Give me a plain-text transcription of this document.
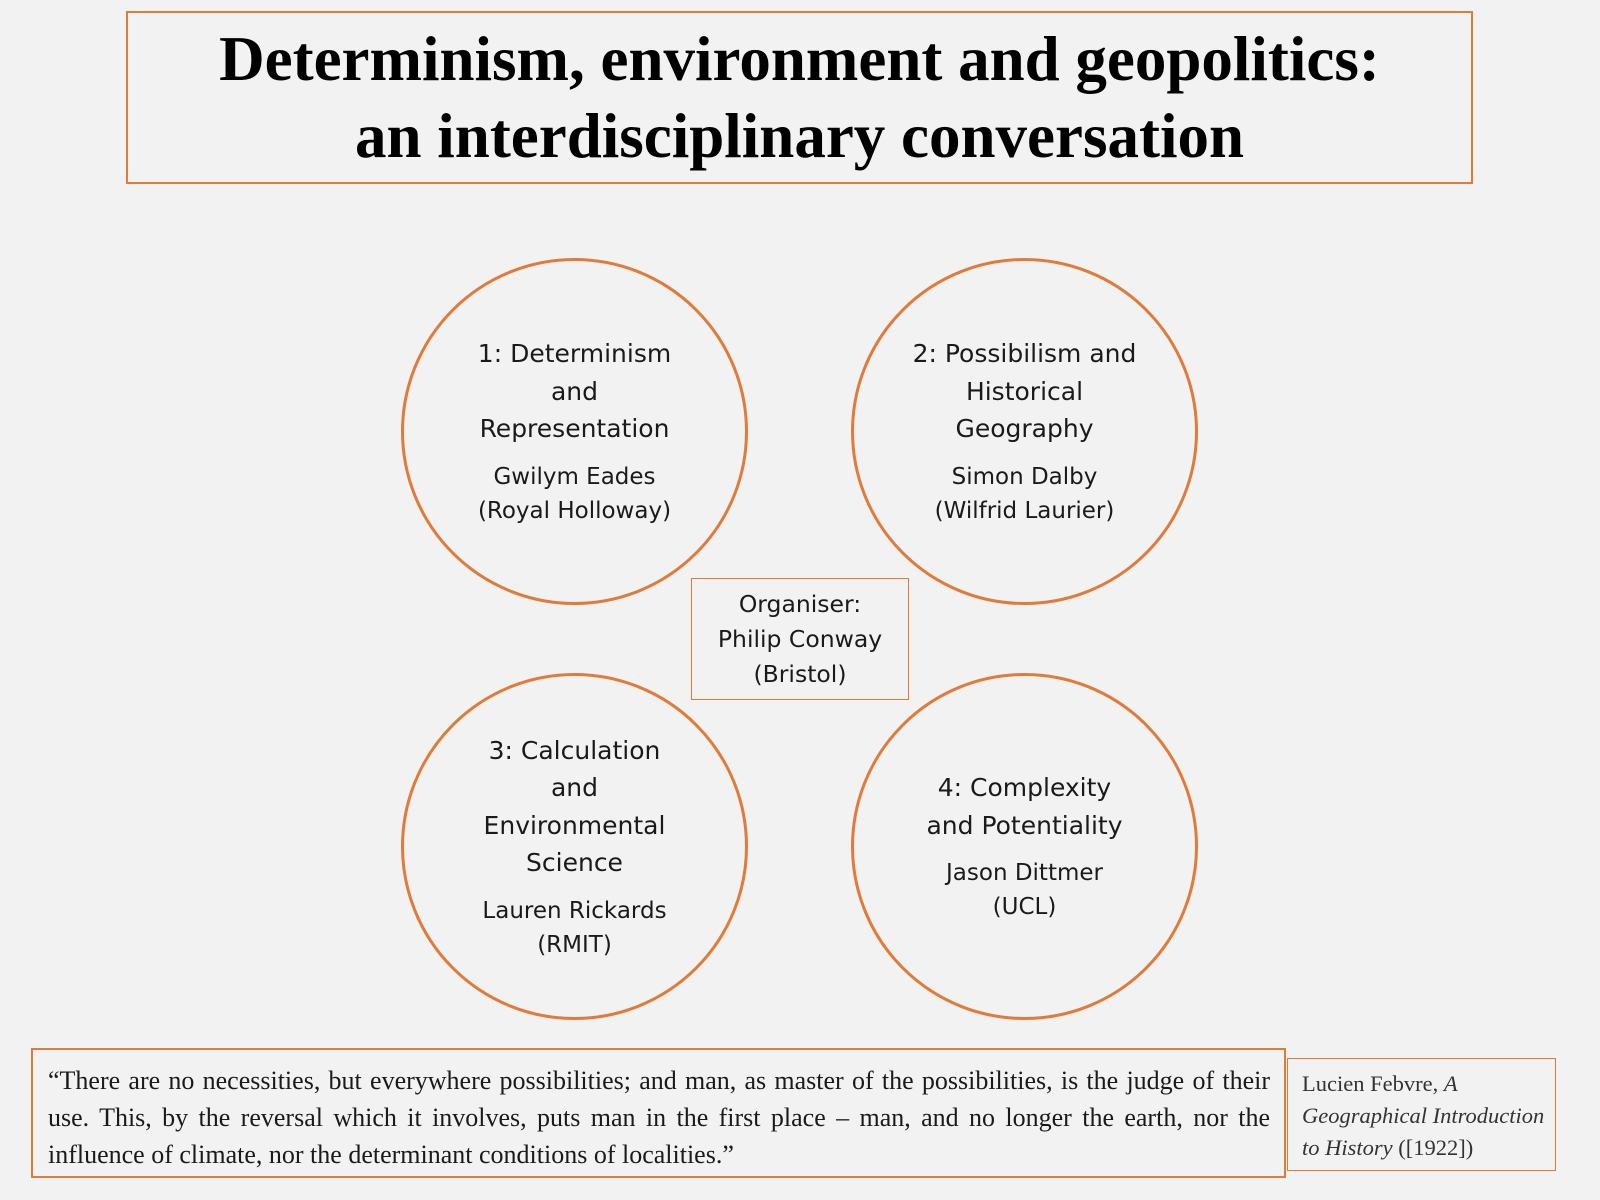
Determinism, environment and geopolitics:
an interdisciplinary conversation
1: Determinism and Representation
Gwilym Eades
(Royal Holloway)
2: Possibilism and Historical Geography
Simon Dalby
(Wilfrid Laurier)
3: Calculation and Environmental Science
Lauren Rickards
(RMIT)
4: Complexity and Potentiality
Jason Dittmer
(UCL)
Organiser:
Philip Conway
(Bristol)
“There are no necessities, but everywhere possibilities; and man, as master of the possibilities, is the judge of their use. This, by the reversal which it involves, puts man in the first place – man, and no longer the earth, nor the influence of climate, nor the determinant conditions of localities.”
Lucien Febvre, A Geographical Introduction to History ([1922])
